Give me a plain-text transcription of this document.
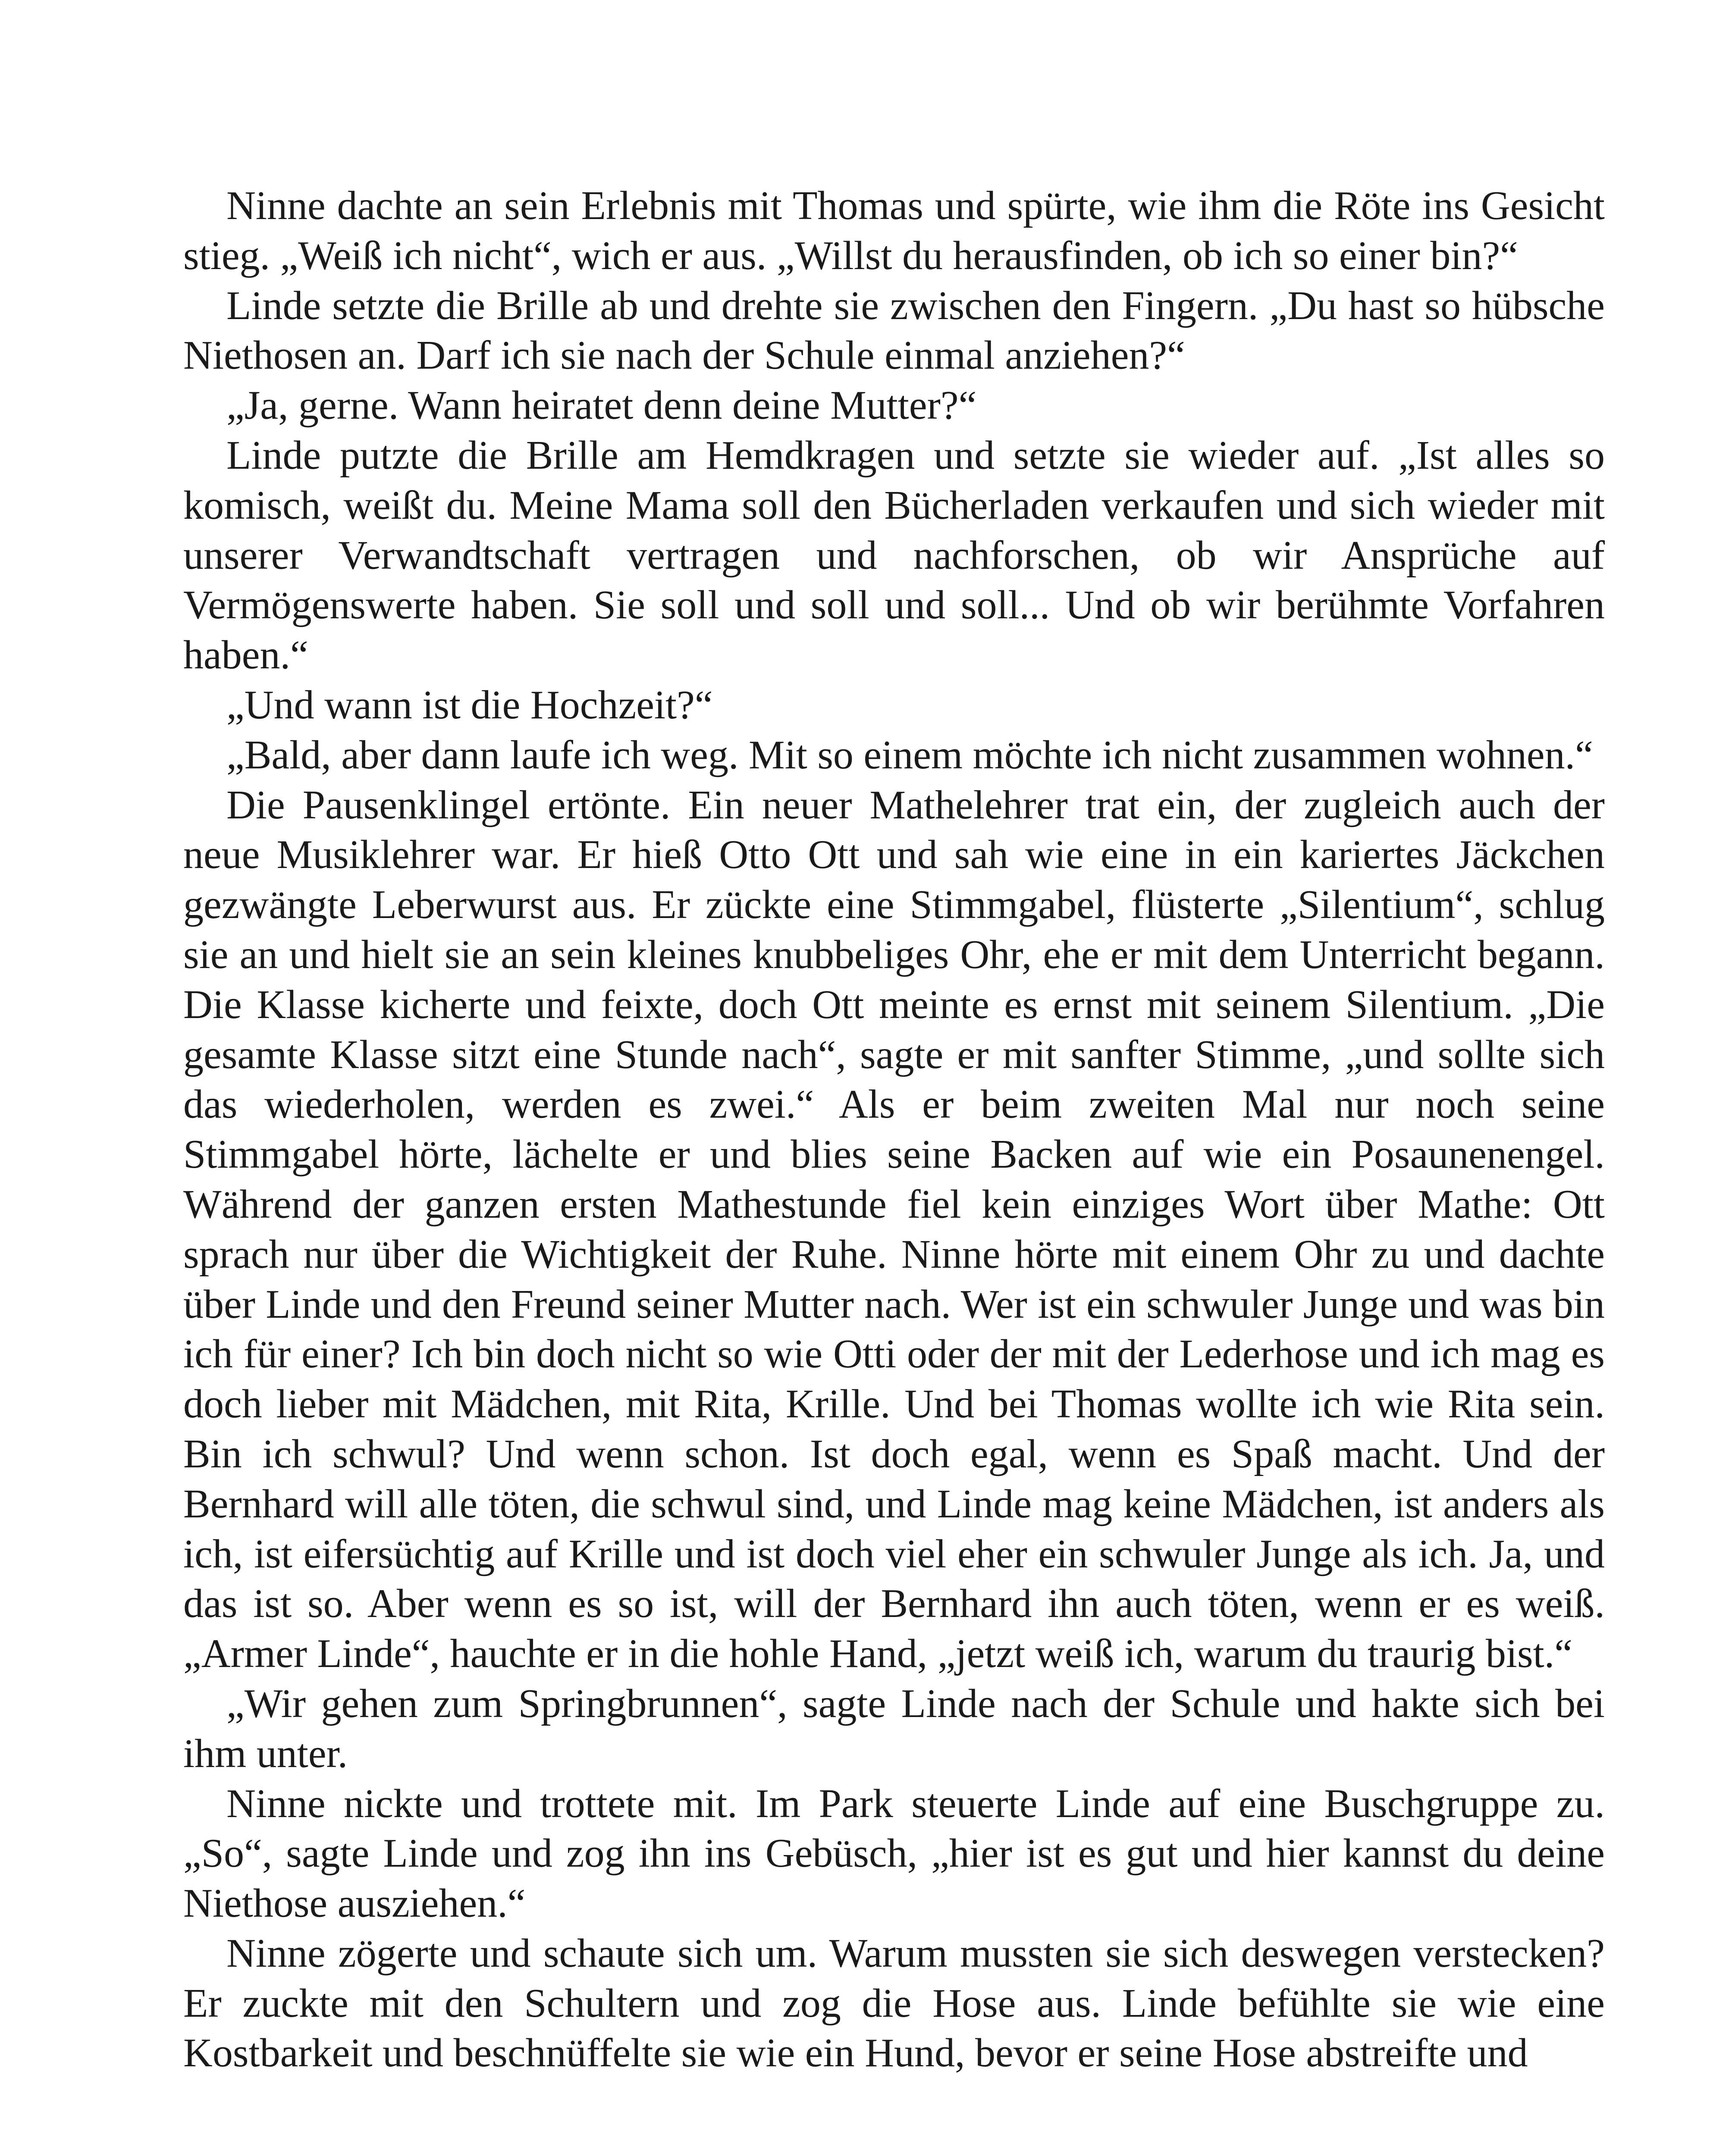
Ninne dachte an sein Erlebnis mit Thomas und spürte, wie ihm die Röte ins Gesicht stieg. „Weiß ich nicht“, wich er aus. „Willst du herausfinden, ob ich so einer bin?“

Linde setzte die Brille ab und drehte sie zwischen den Fingern. „Du hast so hübsche Niethosen an. Darf ich sie nach der Schule einmal anziehen?“

„Ja, gerne. Wann heiratet denn deine Mutter?“

Linde putzte die Brille am Hemdkragen und setzte sie wieder auf. „Ist alles so komisch, weißt du. Meine Mama soll den Bücherladen verkaufen und sich wieder mit unserer Verwandtschaft vertragen und nachforschen, ob wir Ansprüche auf Vermögenswerte haben. Sie soll und soll und soll... Und ob wir berühmte Vorfahren haben.“

„Und wann ist die Hochzeit?“

„Bald, aber dann laufe ich weg. Mit so einem möchte ich nicht zusammen wohnen.“

Die Pausenklingel ertönte. Ein neuer Mathelehrer trat ein, der zugleich auch der neue Musiklehrer war. Er hieß Otto Ott und sah wie eine in ein kariertes Jäckchen gezwängte Leberwurst aus. Er zückte eine Stimmgabel, flüsterte „Silentium“, schlug sie an und hielt sie an sein kleines knubbeliges Ohr, ehe er mit dem Unterricht begann. Die Klasse kicherte und feixte, doch Ott meinte es ernst mit seinem Silentium. „Die gesamte Klasse sitzt eine Stunde nach“, sagte er mit sanfter Stimme, „und sollte sich das wiederholen, werden es zwei.“ Als er beim zweiten Mal nur noch seine Stimmgabel hörte, lächelte er und blies seine Backen auf wie ein Posaunenengel. Während der ganzen ersten Mathestunde fiel kein einziges Wort über Mathe: Ott sprach nur über die Wichtigkeit der Ruhe. Ninne hörte mit einem Ohr zu und dachte über Linde und den Freund seiner Mutter nach. Wer ist ein schwuler Junge und was bin ich für einer? Ich bin doch nicht so wie Otti oder der mit der Lederhose und ich mag es doch lieber mit Mädchen, mit Rita, Krille. Und bei Thomas wollte ich wie Rita sein. Bin ich schwul? Und wenn schon. Ist doch egal, wenn es Spaß macht. Und der Bernhard will alle töten, die schwul sind, und Linde mag keine Mädchen, ist anders als ich, ist eifersüchtig auf Krille und ist doch viel eher ein schwuler Junge als ich. Ja, und das ist so. Aber wenn es so ist, will der Bernhard ihn auch töten, wenn er es weiß. „Armer Linde“, hauchte er in die hohle Hand, „jetzt weiß ich, warum du traurig bist.“

„Wir gehen zum Springbrunnen“, sagte Linde nach der Schule und hakte sich bei ihm unter.

Ninne nickte und trottete mit. Im Park steuerte Linde auf eine Buschgruppe zu. „So“, sagte Linde und zog ihn ins Gebüsch, „hier ist es gut und hier kannst du deine Niethose ausziehen.“

Ninne zögerte und schaute sich um. Warum mussten sie sich deswegen verstecken? Er zuckte mit den Schultern und zog die Hose aus. Linde befühlte sie wie eine Kostbarkeit und beschnüffelte sie wie ein Hund, bevor er seine Hose abstreifte und
